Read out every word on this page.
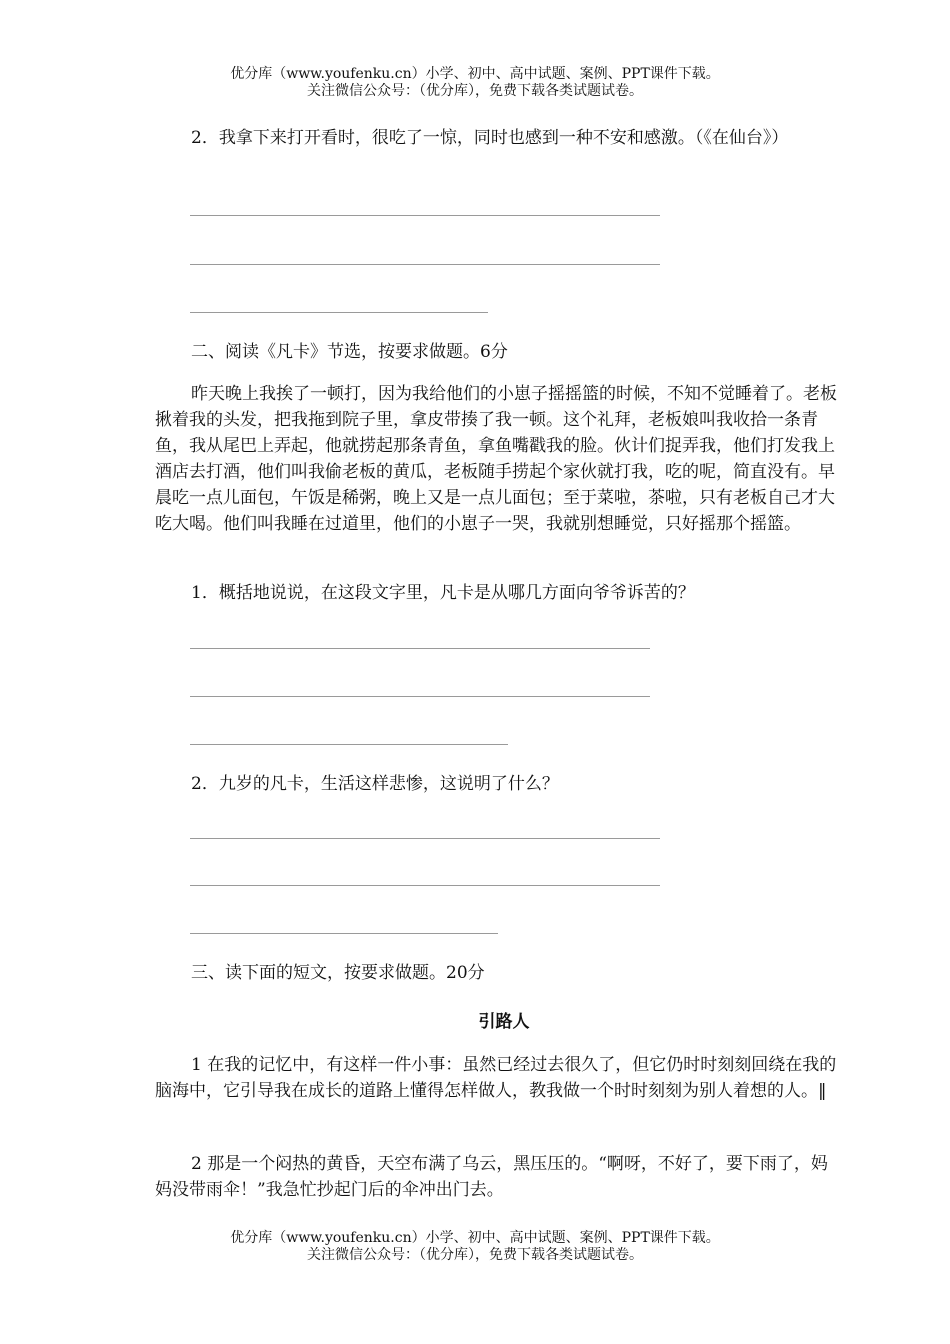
优分库（www.youfenku.cn）小学、初中、高中试题、案例、PPT课件下载。
关注微信公众号：（优分库），免费下载各类试题试卷。
2．我拿下来打开看时，很吃了一惊，同时也感到一种不安和感激。（《在仙台》）
二、阅读《凡卡》节选，按要求做题。6分
昨天晚上我挨了一顿打，因为我给他们的小崽子摇摇篮的时候，不知不觉睡着了。老板揪着我的头发，把我拖到院子里，拿皮带揍了我一顿。这个礼拜，老板娘叫我收拾一条青鱼，我从尾巴上弄起，他就捞起那条青鱼，拿鱼嘴戳我的脸。伙计们捉弄我，他们打发我上酒店去打酒，他们叫我偷老板的黄瓜，老板随手捞起个家伙就打我，吃的呢，简直没有。早晨吃一点儿面包，午饭是稀粥，晚上又是一点儿面包；至于菜啦，茶啦，只有老板自己才大吃大喝。他们叫我睡在过道里，他们的小崽子一哭，我就别想睡觉，只好摇那个摇篮。
1．概括地说说，在这段文字里，凡卡是从哪几方面向爷爷诉苦的？
2．九岁的凡卡，生活这样悲惨，这说明了什么？
三、读下面的短文，按要求做题。20分
引路人
1 在我的记忆中，有这样一件小事：虽然已经过去很久了，但它仍时时刻刻回绕在我的脑海中，它引导我在成长的道路上懂得怎样做人，教我做一个时时刻刻为别人着想的人。‖
2 那是一个闷热的黄昏，天空布满了乌云，黑压压的。“啊呀，不好了，要下雨了，妈妈没带雨伞！”我急忙抄起门后的伞冲出门去。
优分库（www.youfenku.cn）小学、初中、高中试题、案例、PPT课件下载。
关注微信公众号：（优分库），免费下载各类试题试卷。
